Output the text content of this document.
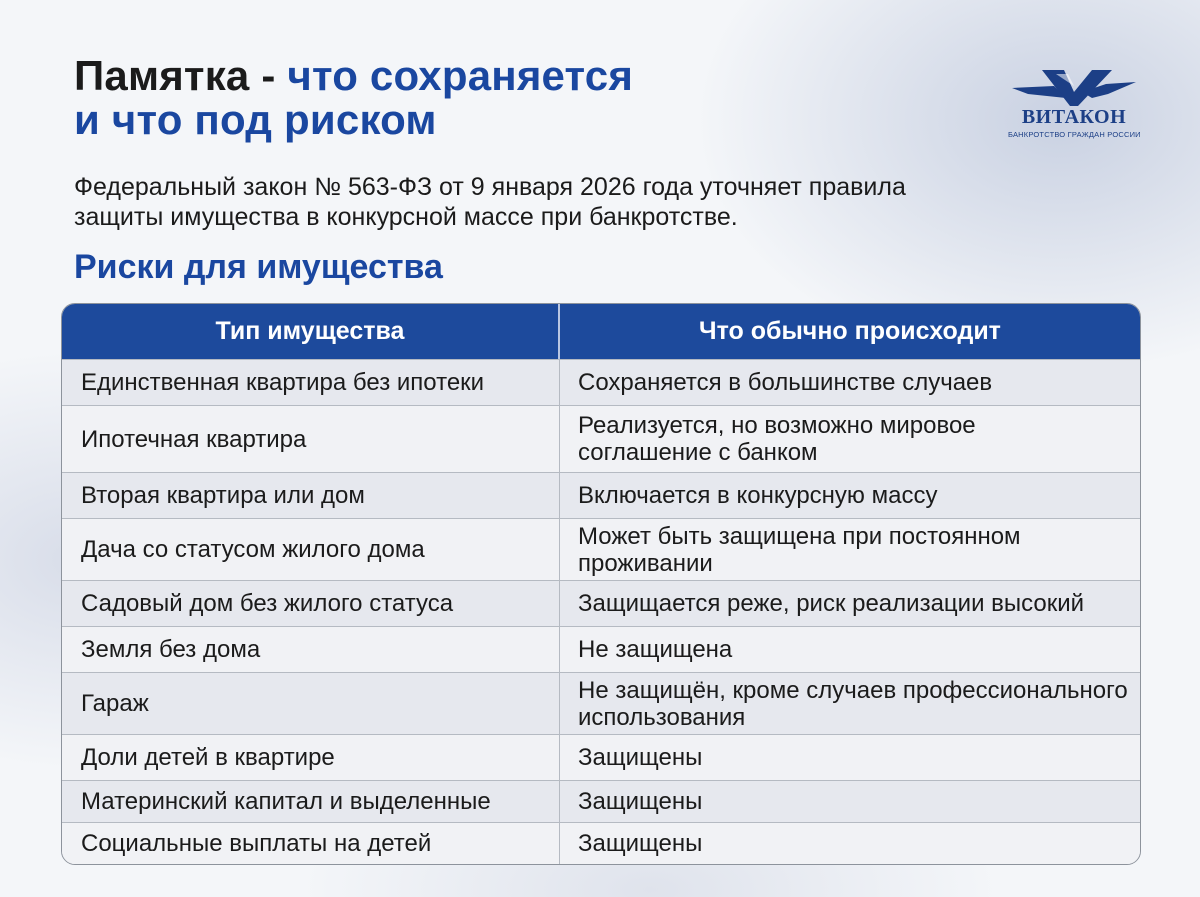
Памятка - что сохраняется
и что под риском	ВИТАКОН
БАНКРОТСТВО ГРАЖДАН РОССИИ

Федеральный закон № 563-ФЗ от 9 января 2026 года уточняет правила
защиты имущества в конкурсной массе при банкротстве.

Риски для имущества
Тип имущества	Что обычно происходит
Единственная квартира без ипотеки	Сохраняется в большинстве случаев
Ипотечная квартира	Реализуется, но возможно мировое соглашение с банком
Вторая квартира или дом	Включается в конкурсную массу
Дача со статусом жилого дома	Может быть защищена при постоянном проживании
Садовый дом без жилого статуса	Защищается реже, риск реализации высокий
Земля без дома	Не защищена
Гараж	Не защищён, кроме случаев профессионального использования
Доли детей в квартире	Защищены
Материнский капитал и выделенные	Защищены
Социальные выплаты на детей	Защищены
